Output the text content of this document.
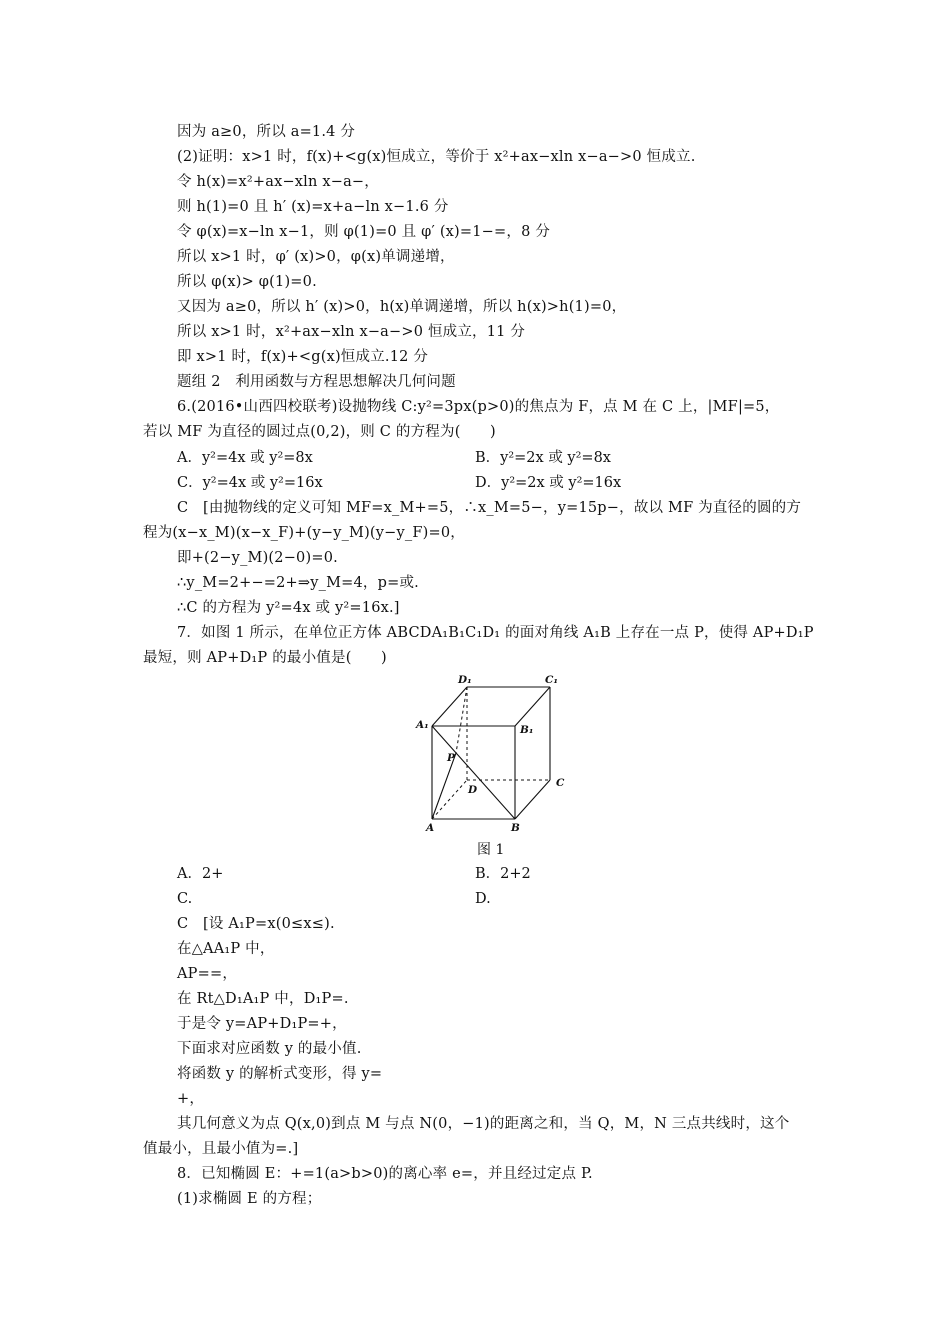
因为 a≥0，所以 a=1.4 分
(2)证明：x>1 时，f(x)+<g(x)恒成立，等价于 x²+ax−xln x−a−>0 恒成立.
令 h(x)=x²+ax−xln x−a−，
则 h(1)=0 且 h′ (x)=x+a−ln x−1.6 分
令 φ(x)=x−ln x−1，则 φ(1)=0 且 φ′ (x)=1−=，8 分
所以 x>1 时，φ′ (x)>0，φ(x)单调递增，
所以 φ(x)> φ(1)=0.
又因为 a≥0，所以 h′ (x)>0，h(x)单调递增，所以 h(x)>h(1)=0，
所以 x>1 时，x²+ax−xln x−a−>0 恒成立，11 分
即 x>1 时，f(x)+<g(x)恒成立.12 分
题组 2　利用函数与方程思想解决几何问题
6.(2016•山西四校联考)设抛物线 C:y²=3px(p>0)的焦点为 F，点 M 在 C 上，|MF|=5，
若以 MF 为直径的圆过点(0,2)，则 C 的方程为(　　)
A．y²=4x 或 y²=8x	B．y²=2x 或 y²=8x
C．y²=4x 或 y²=16x	D．y²=2x 或 y²=16x
C　[由抛物线的定义可知 MF=x_M+=5，∴x_M=5−，y=15p−，故以 MF 为直径的圆的方
程为(x−x_M)(x−x_F)+(y−y_M)(y−y_F)=0，
即+(2−y_M)(2−0)=0.
∴y_M=2+−=2+⇒y_M=4，p=或.
∴C 的方程为 y²=4x 或 y²=16x.]
7．如图 1 所示，在单位正方体 ABCDA₁B₁C₁D₁ 的面对角线 A₁B 上存在一点 P，使得 AP+D₁P
最短，则 AP+D₁P 的最小值是(　　)
D₁	C₁
A₁	B₁
P
D
C
A	B
图 1
A．2+	B．2+2
C.	D.
C　[设 A₁P=x(0≤x≤).
在△AA₁P 中，
AP==，
在 Rt△D₁A₁P 中，D₁P=.
于是令 y=AP+D₁P=+，
下面求对应函数 y 的最小值.
将函数 y 的解析式变形，得 y=
+，
其几何意义为点 Q(x,0)到点 M 与点 N(0，−1)的距离之和，当 Q，M，N 三点共线时，这个
值最小，且最小值为=.]
8．已知椭圆 E：+=1(a>b>0)的离心率 e=，并且经过定点 P.
(1)求椭圆 E 的方程；
